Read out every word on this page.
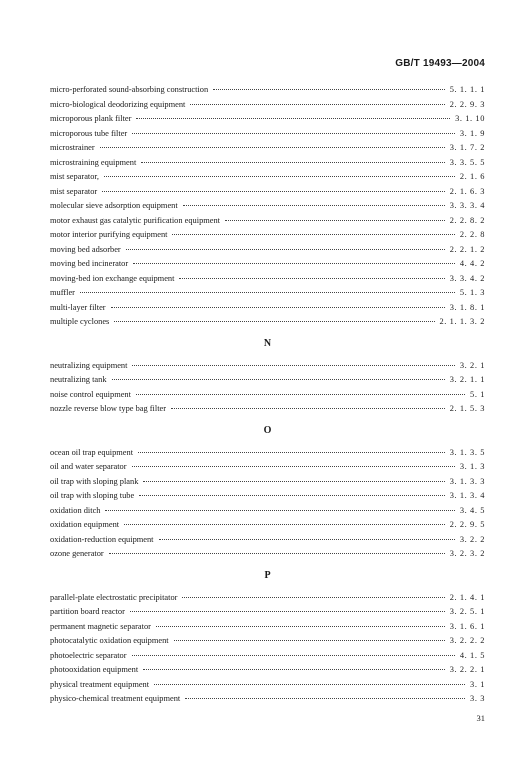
GB/T 19493—2004
micro-perforated sound-absorbing construction	5. 1. 1. 1
micro-biological deodorizing equipment	2. 2. 9. 3
microporous plank filter	3. 1. 10
microporous tube filter	3. 1. 9
microstrainer	3. 1. 7. 2
microstraining equipment	3. 3. 5. 5
mist separator,	2. 1. 6
mist separator	2. 1. 6. 3
molecular sieve adsorption equipment	3. 3. 3. 4
motor exhaust gas catalytic purification equipment	2. 2. 8. 2
motor interior purifying equipment	2. 2. 8
moving bed adsorber	2. 2. 1. 2
moving bed incinerator	4. 4. 2
moving-bed ion exchange equipment	3. 3. 4. 2
muffler	5. 1. 3
multi-layer filter	3. 1. 8. 1
multiple cyclones	2. 1. 1. 3. 2
N
neutralizing equipment	3. 2. 1
neutralizing tank	3. 2. 1. 1
noise control equipment	5. 1
nozzle reverse blow type bag filter	2. 1. 5. 3
O
ocean oil trap equipment	3. 1. 3. 5
oil and water separator	3. 1. 3
oil trap with sloping plank	3. 1. 3. 3
oil trap with sloping tube	3. 1. 3. 4
oxidation ditch	3. 4. 5
oxidation equipment	2. 2. 9. 5
oxidation-reduction equipment	3. 2. 2
ozone generator	3. 2. 3. 2
P
parallel-plate electrostatic precipitator	2. 1. 4. 1
partition board reactor	3. 2. 5. 1
permanent magnetic separator	3. 1. 6. 1
photocatalytic oxidation equipment	3. 2. 2. 2
photoelectric separator	4. 1. 5
photooxidation equipment	3. 2. 2. 1
physical treatment equipment	3. 1
physico-chemical treatment equipment	3. 3
31
